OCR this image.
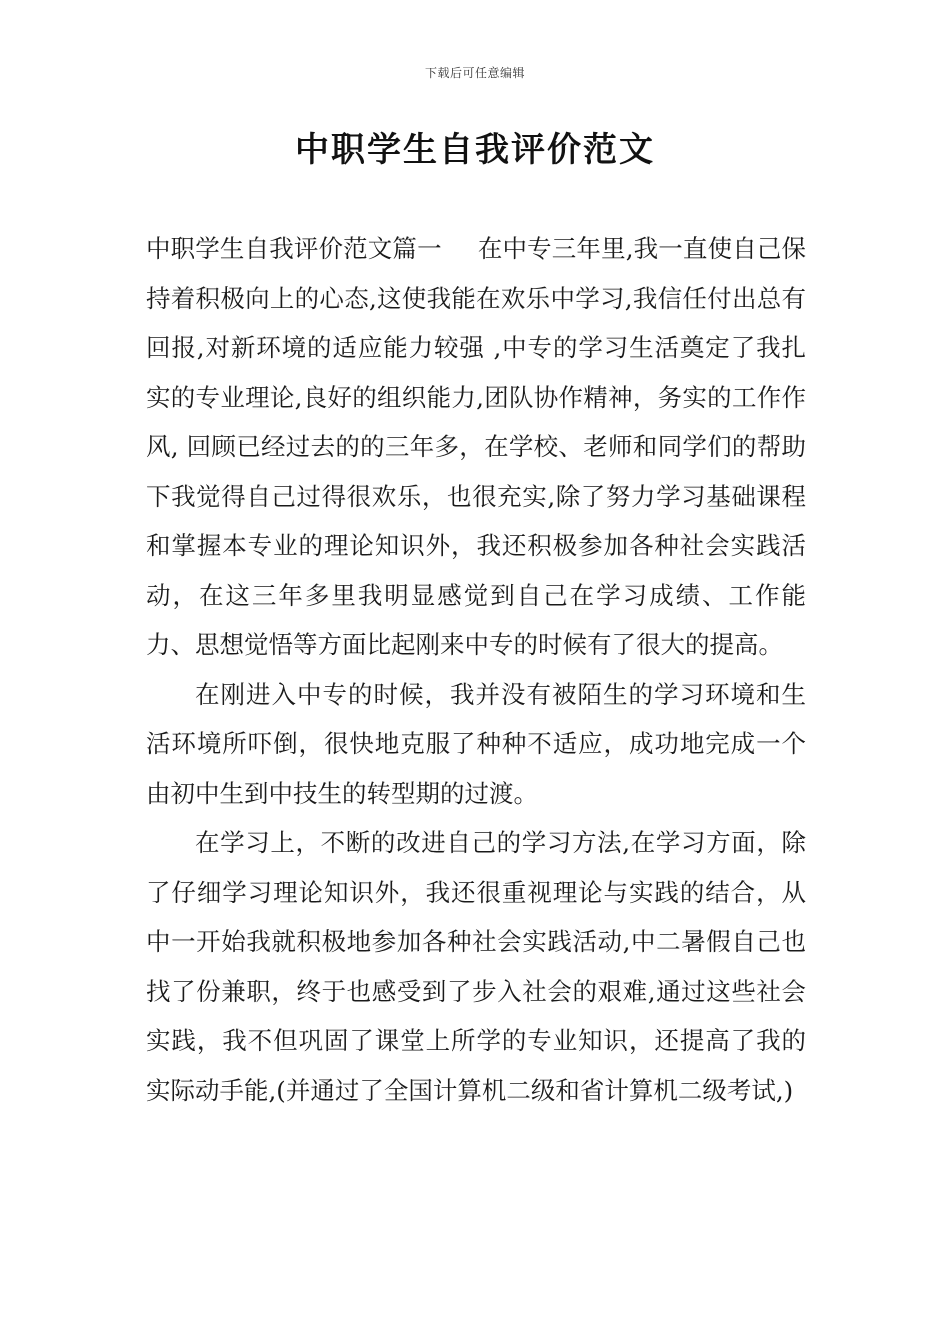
下载后可任意编辑
中职学生自我评价范文

中职学生自我评价范文篇一 在中专三年里,我一直使自己保持着积极向上的心态,这使我能在欢乐中学习,我信任付出总有回报,对新环境的适应能力较强 ,中专的学习生活奠定了我扎实的专业理论,良好的组织能力,团队协作精神，务实的工作作风, 回顾已经过去的的三年多，在学校、老师和同学们的帮助下我觉得自己过得很欢乐，也很充实,除了努力学习基础课程和掌握本专业的理论知识外，我还积极参加各种社会实践活动，在这三年多里我明显感觉到自己在学习成绩、工作能力、思想觉悟等方面比起刚来中专的时候有了很大的提高。

在刚进入中专的时候，我并没有被陌生的学习环境和生活环境所吓倒，很快地克服了种种不适应，成功地完成一个由初中生到中技生的转型期的过渡。

在学习上，不断的改进自己的学习方法,在学习方面，除了仔细学习理论知识外，我还很重视理论与实践的结合，从中一开始我就积极地参加各种社会实践活动,中二暑假自己也找了份兼职，终于也感受到了步入社会的艰难,通过这些社会实践，我不但巩固了课堂上所学的专业知识，还提高了我的实际动手能,(并通过了全国计算机二级和省计算机二级考试,)
